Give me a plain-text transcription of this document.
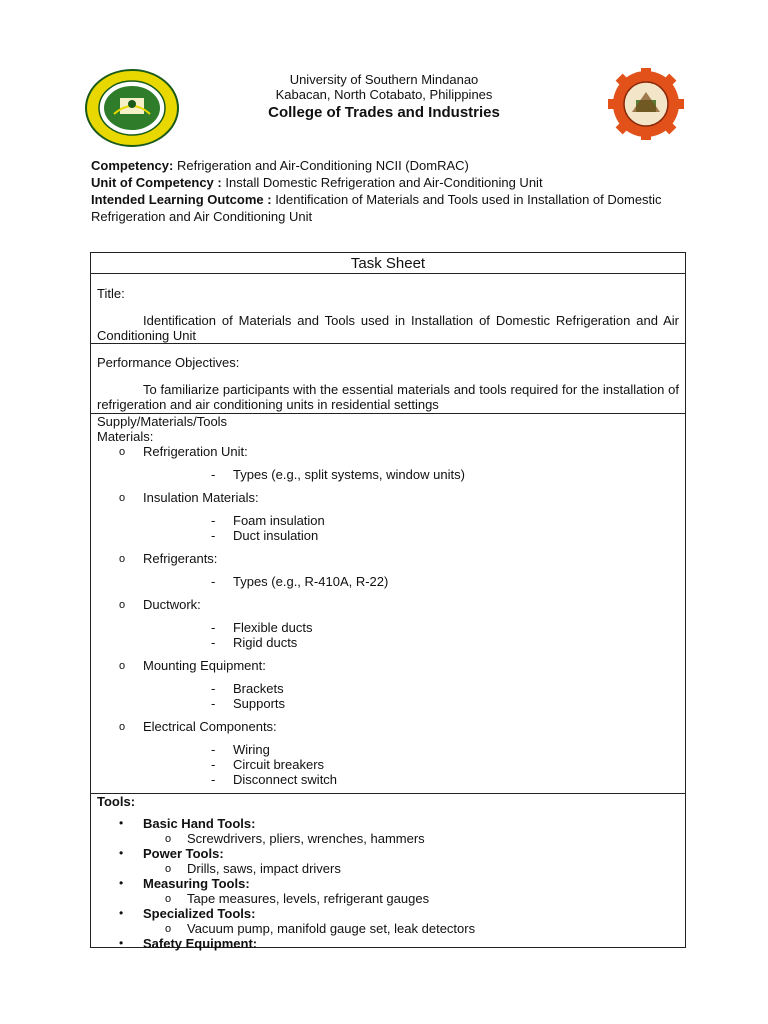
University of Southern Mindanao
Kabacan, North Cotabato, Philippines
College of Trades and Industries
Competency: Refrigeration and Air-Conditioning NCII (DomRAC)
Unit of Competency : Install Domestic Refrigeration and Air-Conditioning Unit
Intended Learning Outcome : Identification of Materials and Tools used in Installation of Domestic Refrigeration and Air Conditioning Unit
Task Sheet
Title:
Identification of Materials and Tools used in Installation of Domestic Refrigeration and Air Conditioning Unit
Performance Objectives:
To familiarize participants with the essential materials and tools required for the installation of refrigeration and air conditioning units in residential settings
Supply/Materials/Tools
Materials:
o Refrigeration Unit:
-	Types (e.g., split systems, window units)
o Insulation Materials:
-	Foam insulation
-	Duct insulation
o Refrigerants:
-	Types (e.g., R-410A, R-22)
o Ductwork:
-	Flexible ducts
-	Rigid ducts
o Mounting Equipment:
-	Brackets
-	Supports
o Electrical Components:
-	Wiring
-	Circuit breakers
-	Disconnect switch
Tools:
• Basic Hand Tools:
o Screwdrivers, pliers, wrenches, hammers
• Power Tools:
o Drills, saws, impact drivers
• Measuring Tools:
o Tape measures, levels, refrigerant gauges
• Specialized Tools:
o Vacuum pump, manifold gauge set, leak detectors
• Safety Equipment:
